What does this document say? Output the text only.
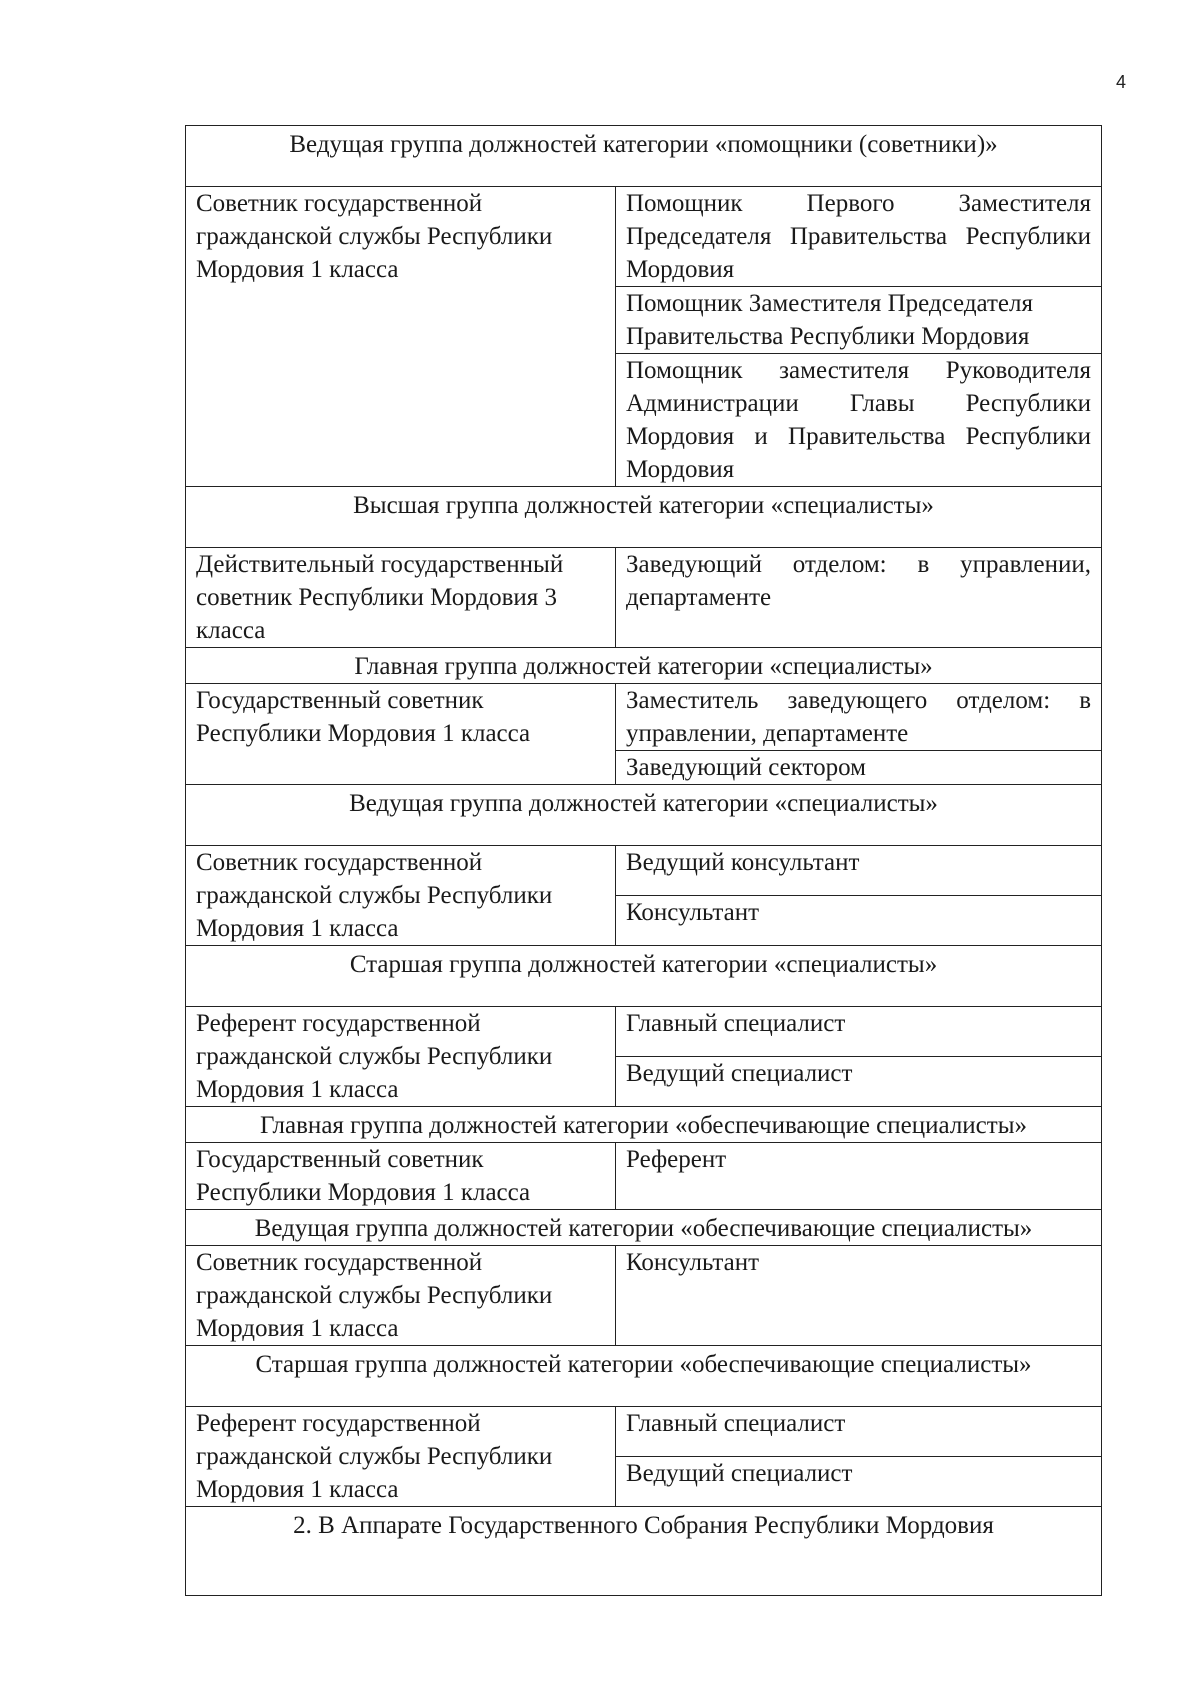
4
Ведущая группа должностей категории «помощники (советники)»	
Советник государственной гражданской службы Республики Мордовия 1 класса	Помощник Первого Заместителя Председателя Правительства Республики Мордовия
	Помощник Заместителя Председателя Правительства Республики Мордовия
	Помощник заместителя Руководителя Администрации Главы Республики Мордовия и Правительства Республики Мордовия
Высшая группа должностей категории «специалисты»	
Действительный государственный советник Республики Мордовия 3 класса	Заведующий отделом: в управлении, департаменте
Главная группа должностей категории «специалисты»	
Государственный советник Республики Мордовия 1 класса	Заместитель заведующего отделом: в управлении, департаменте
	Заведующий сектором
Ведущая группа должностей категории «специалисты»	
Советник государственной гражданской службы Республики Мордовия 1 класса	Ведущий консультант
	Консультант
Старшая группа должностей категории «специалисты»	
Референт государственной гражданской службы Республики Мордовия 1 класса	Главный специалист
	Ведущий специалист
Главная группа должностей категории «обеспечивающие специалисты»	
Государственный советник Республики Мордовия 1 класса	Референт
Ведущая группа должностей категории «обеспечивающие специалисты»	
Советник государственной гражданской службы Республики Мордовия 1 класса	Консультант
Старшая группа должностей категории «обеспечивающие специалисты»	
Референт государственной гражданской службы Республики Мордовия 1 класса	Главный специалист
	Ведущий специалист
2. В Аппарате Государственного Собрания Республики Мордовия	
